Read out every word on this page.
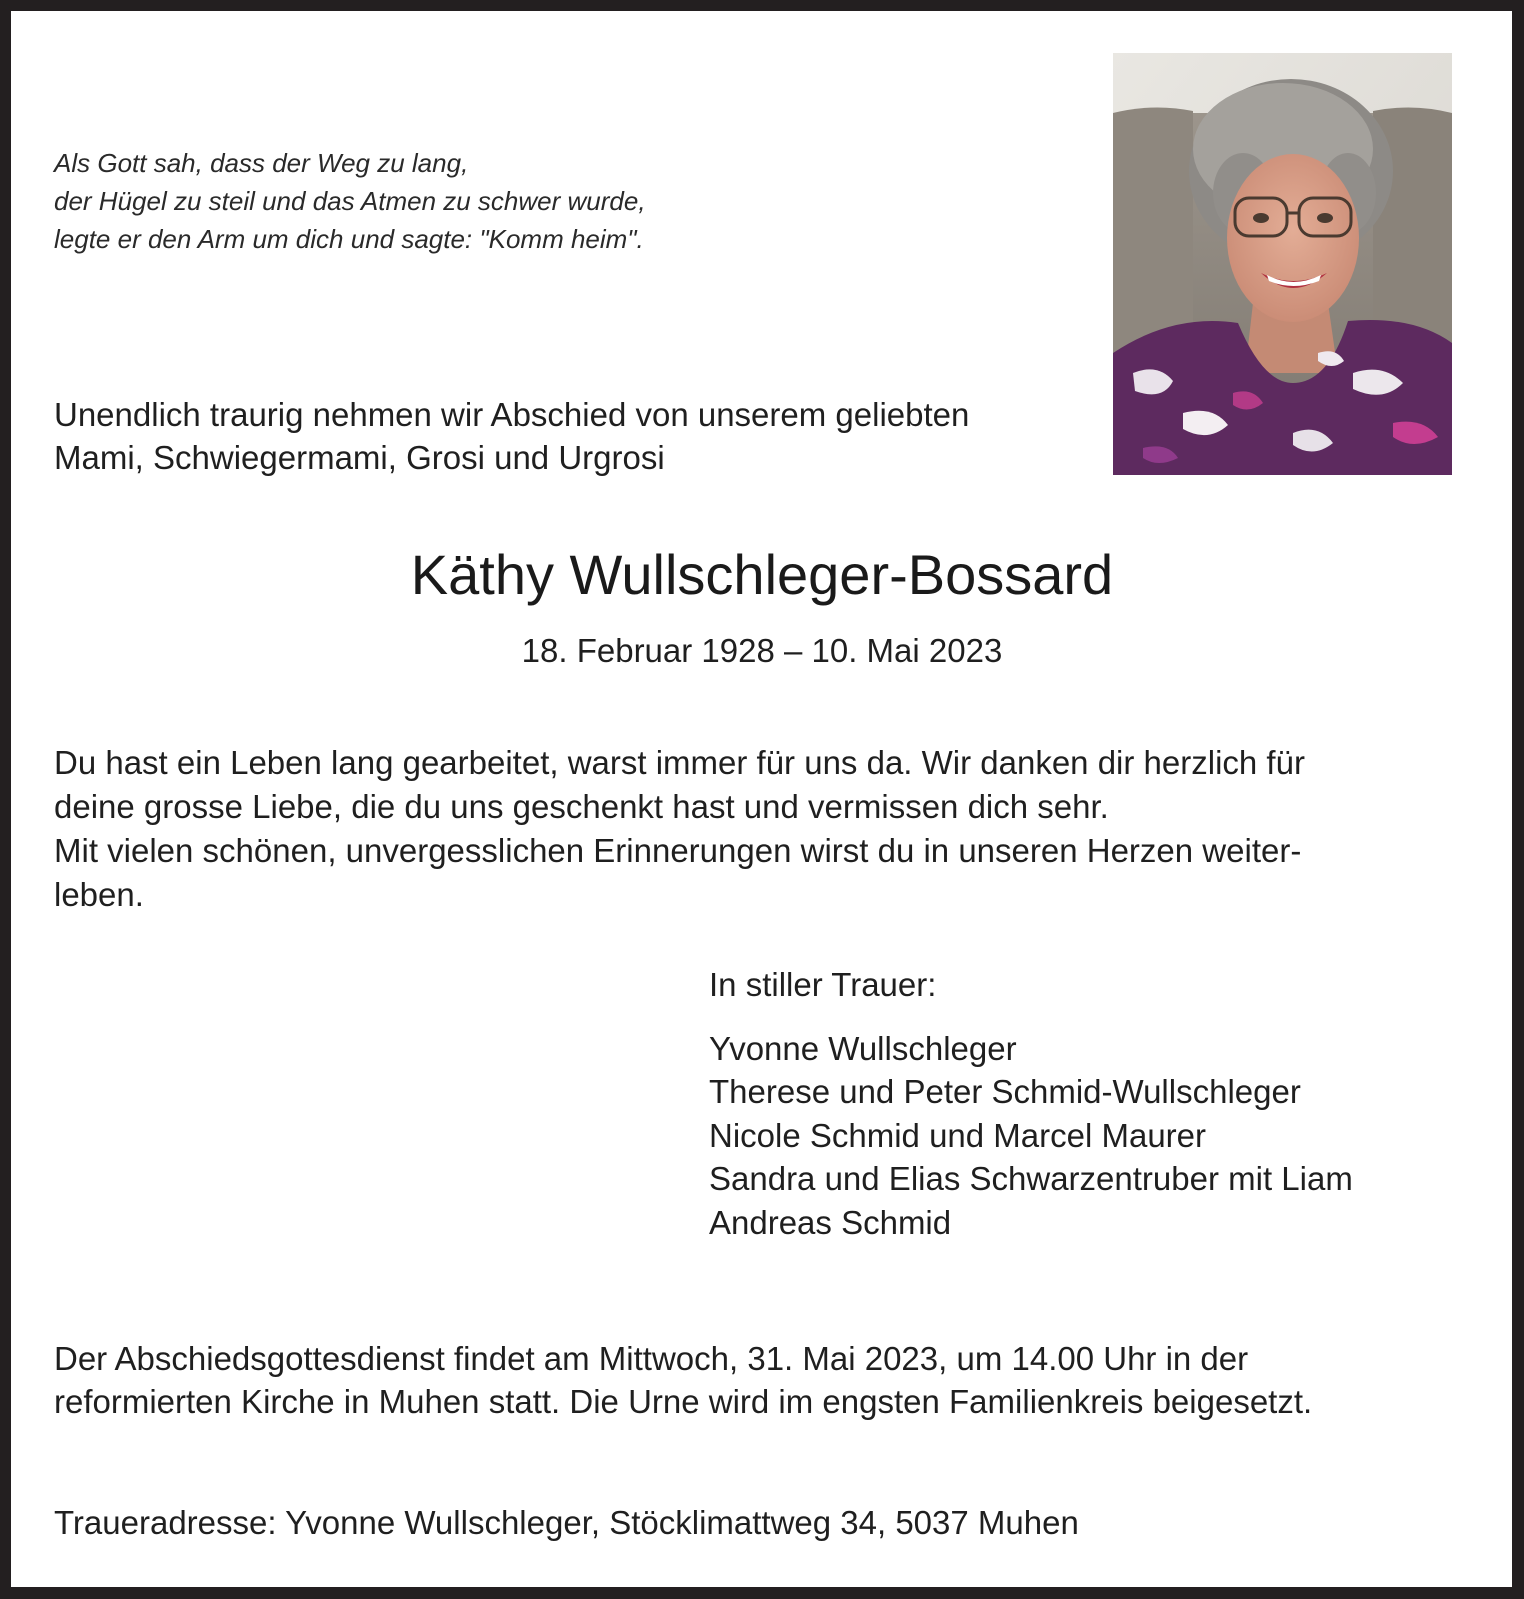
Als Gott sah, dass der Weg zu lang,
der Hügel zu steil und das Atmen zu schwer wurde,
legte er den Arm um dich und sagte: "Komm heim".
Unendlich traurig nehmen wir Abschied von unserem geliebten
Mami, Schwiegermami, Grosi und Urgrosi
Käthy Wullschleger-Bossard
18. Februar 1928 – 10. Mai 2023
Du hast ein Leben lang gearbeitet, warst immer für uns da. Wir danken dir herzlich für
deine grosse Liebe, die du uns geschenkt hast und vermissen dich sehr.
Mit vielen schönen, unvergesslichen Erinnerungen wirst du in unseren Herzen weiter-
leben.
In stiller Trauer:
Yvonne Wullschleger
Therese und Peter Schmid-Wullschleger
Nicole Schmid und Marcel Maurer
Sandra und Elias Schwarzentruber mit Liam
Andreas Schmid
Der Abschiedsgottesdienst findet am Mittwoch, 31. Mai 2023, um 14.00 Uhr in der
reformierten Kirche in Muhen statt. Die Urne wird im engsten Familienkreis beigesetzt.
Traueradresse: Yvonne Wullschleger, Stöcklimattweg 34, 5037 Muhen
